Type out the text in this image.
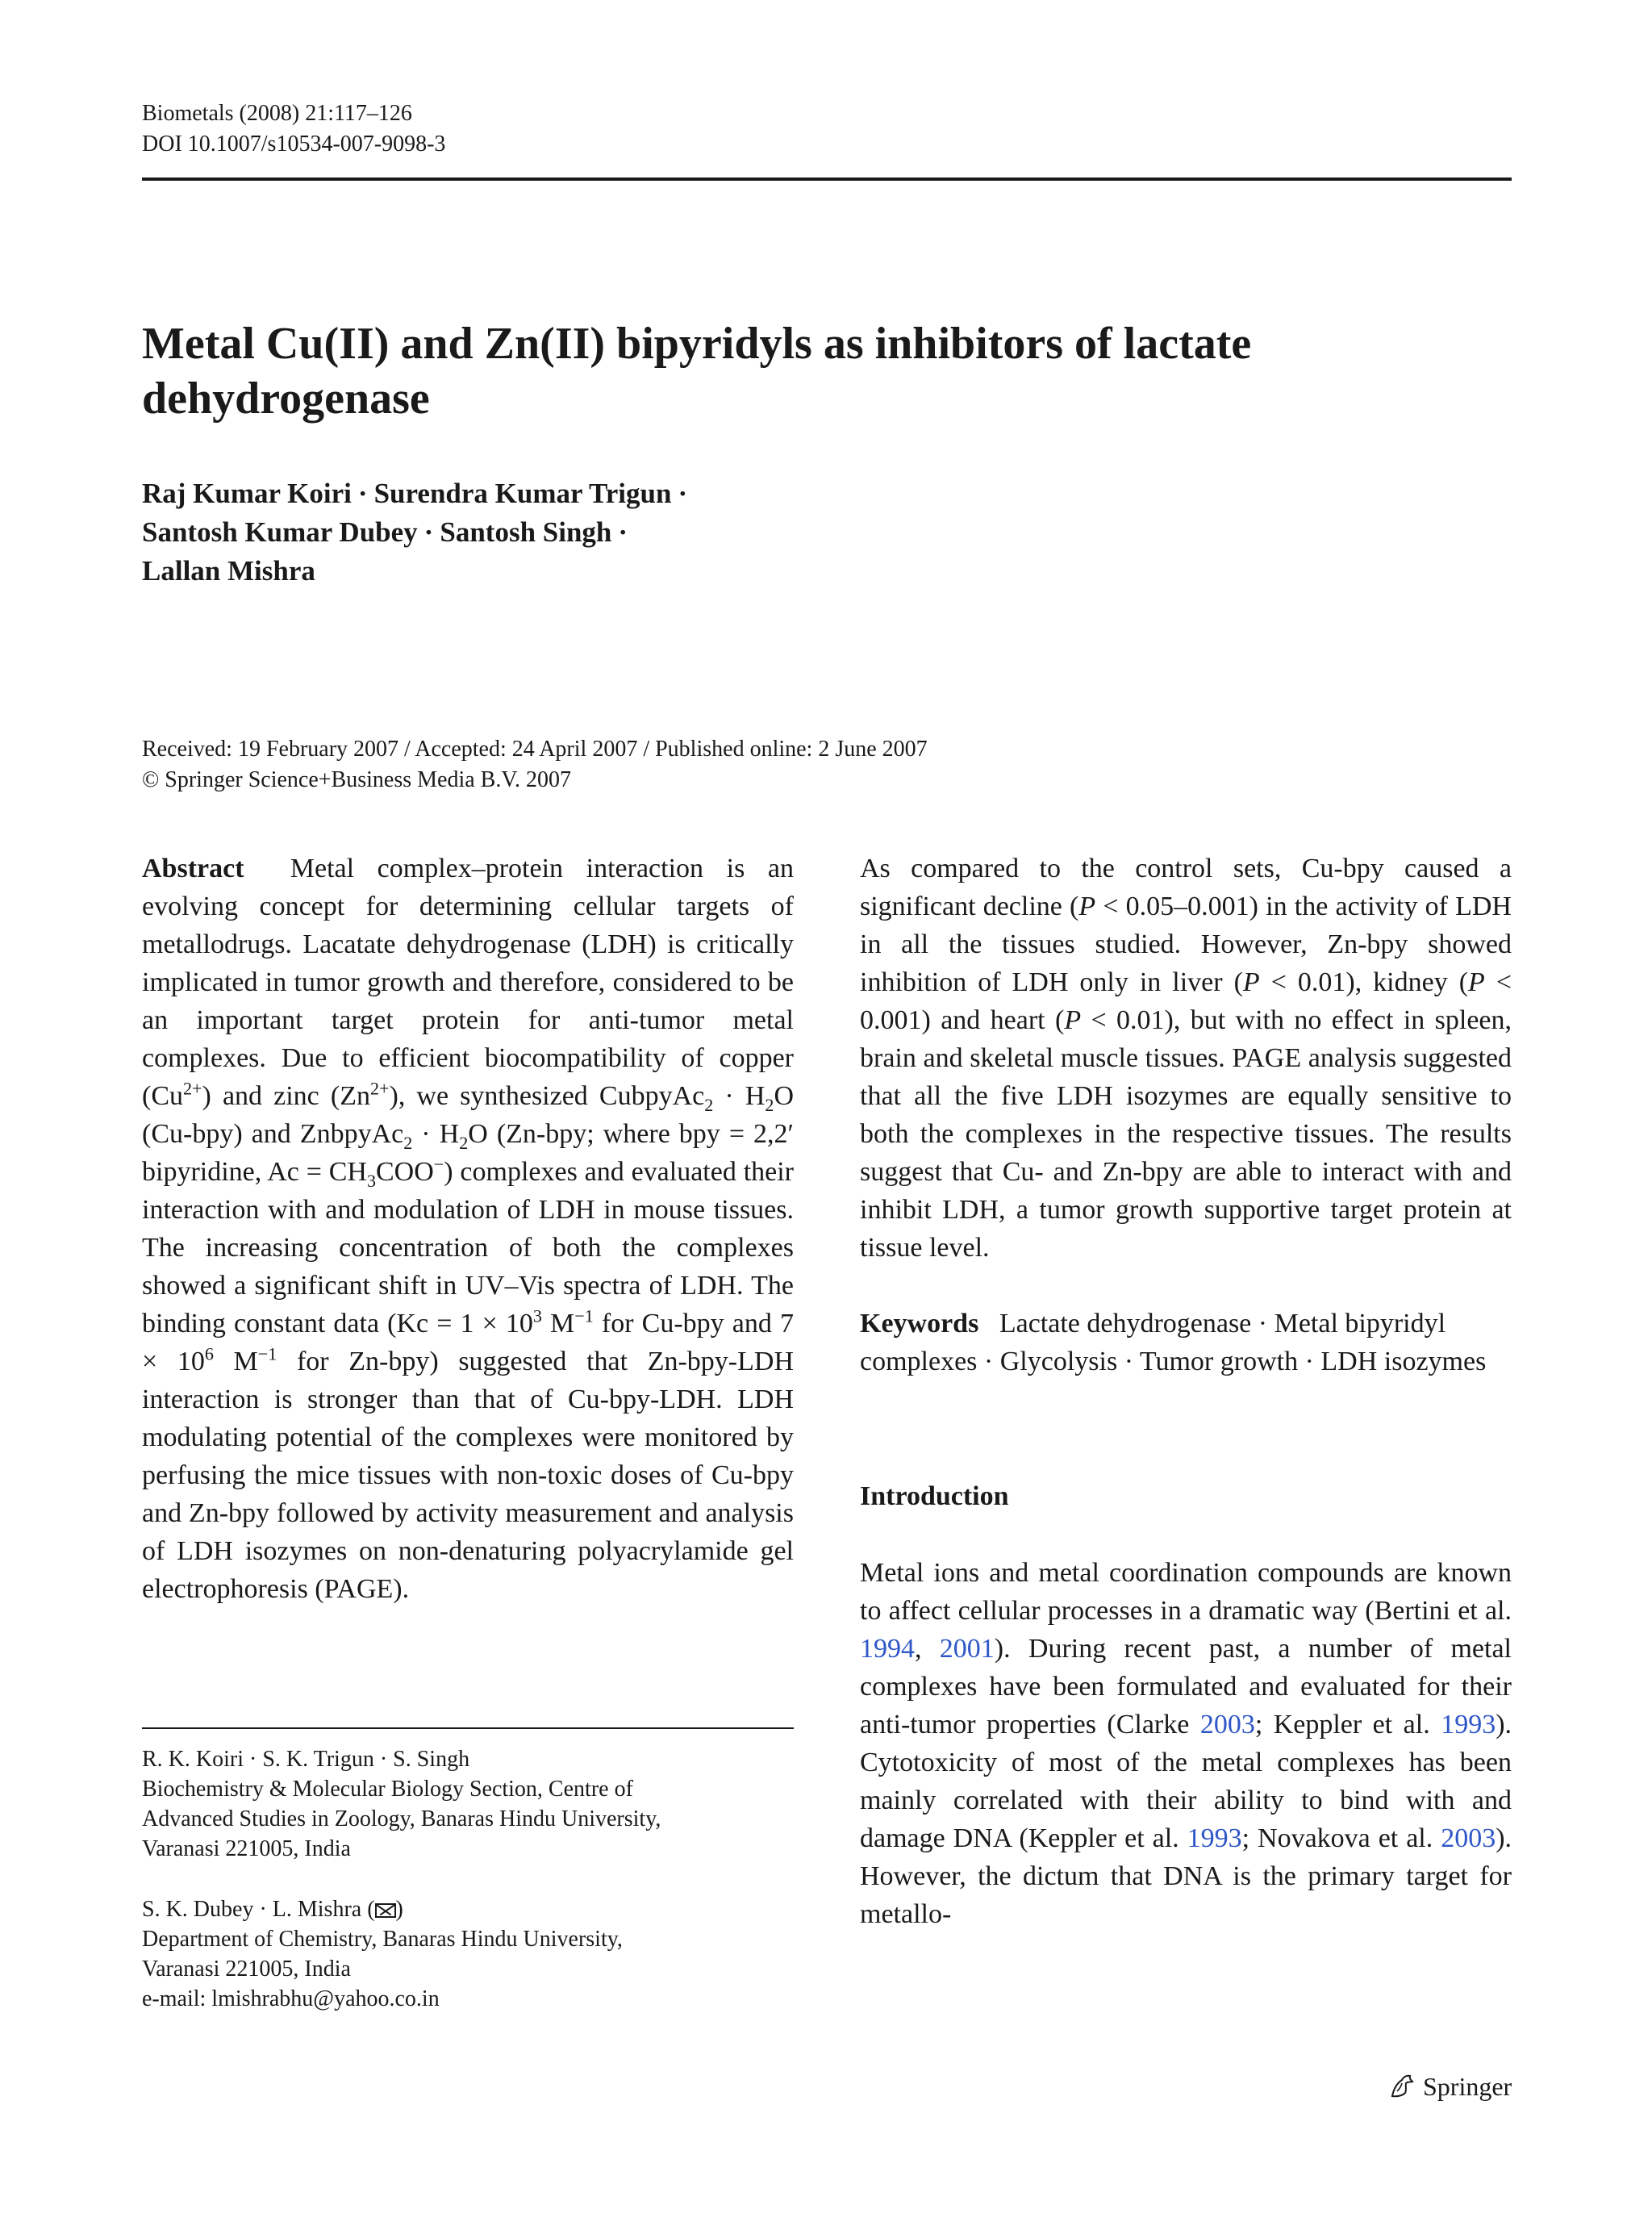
Biometals (2008) 21:117–126
DOI 10.1007/s10534-007-9098-3
Metal Cu(II) and Zn(II) bipyridyls as inhibitors of lactate dehydrogenase
Raj Kumar Koiri · Surendra Kumar Trigun ·
Santosh Kumar Dubey · Santosh Singh ·
Lallan Mishra
Received: 19 February 2007 / Accepted: 24 April 2007 / Published online: 2 June 2007
© Springer Science+Business Media B.V. 2007

Abstract Metal complex–protein interaction is an evolving concept for determining cellular targets of metallodrugs. Lacatate dehydrogenase (LDH) is critically implicated in tumor growth and therefore, considered to be an important target protein for anti-tumor metal complexes. Due to efficient biocompatibility of copper $(Cu^{2+})$ and zinc $(Zn^{2+})$, we synthesized CubpyAc$_2$ · $H_2O$ (Cu-bpy) and ZnbpyAc$_2$ · $H_2O$ (Zn-bpy; where bpy = 2,2′ bipyridine, $Ac = CH_3COO^-$) complexes and evaluated their interaction with and modulation of LDH in mouse tissues. The increasing concentration of both the complexes showed a significant shift in UV–Vis spectra of LDH. The binding constant data ($Kc = 1 \times 10^3$ $M^{-1}$ for Cu-bpy and $7 \times 10^6$ $M^{-1}$ for Zn-bpy) suggested that Zn-bpy-LDH interaction is stronger than that of Cu-bpy-LDH. LDH modulating potential of the complexes were monitored by perfusing the mice tissues with non-toxic doses of Cu-bpy and Zn-bpy followed by activity measurement and analysis of LDH isozymes on non-denaturing polyacrylamide gel electrophoresis (PAGE).

As compared to the control sets, Cu-bpy caused a significant decline (P < 0.05–0.001) in the activity of LDH in all the tissues studied. However, Zn-bpy showed inhibition of LDH only in liver (P < 0.01), kidney (P < 0.001) and heart (P < 0.01), but with no effect in spleen, brain and skeletal muscle tissues. PAGE analysis suggested that all the five LDH isozymes are equally sensitive to both the complexes in the respective tissues. The results suggest that Cu- and Zn-bpy are able to interact with and inhibit LDH, a tumor growth supportive target protein at tissue level.

Keywords Lactate dehydrogenase · Metal bipyridyl complexes · Glycolysis · Tumor growth · LDH isozymes

Introduction

Metal ions and metal coordination compounds are known to affect cellular processes in a dramatic way (Bertini et al. 1994, 2001). During recent past, a number of metal complexes have been formulated and evaluated for their anti-tumor properties (Clarke 2003; Keppler et al. 1993). Cytotoxicity of most of the metal complexes has been mainly correlated with their ability to bind with and damage DNA (Keppler et al. 1993; Novakova et al. 2003). However, the dictum that DNA is the primary target for metallo-

R. K. Koiri · S. K. Trigun · S. Singh
Biochemistry & Molecular Biology Section, Centre of
Advanced Studies in Zoology, Banaras Hindu University,
Varanasi 221005, India
S. K. Dubey · L. Mishra ( )
Department of Chemistry, Banaras Hindu University,
Varanasi 221005, India
e-mail: lmishrabhu@yahoo.co.in
Springer
